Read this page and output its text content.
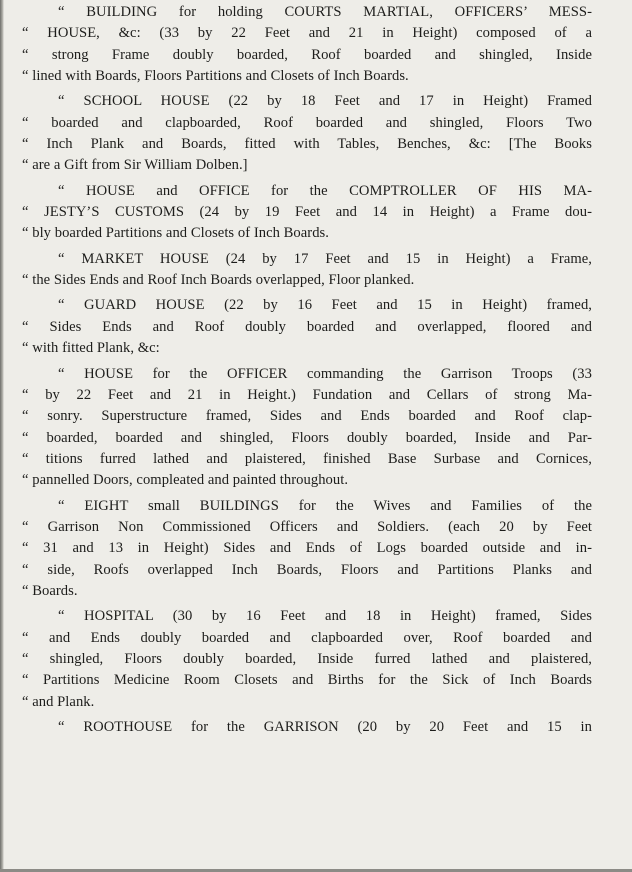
“ BUILDING for holding COURTS MARTIAL, OFFICERS’ MESS-
“ HOUSE, &c: (33 by 22 Feet and 21 in Height) composed of a
“ strong Frame doubly boarded, Roof boarded and shingled, Inside
“ lined with Boards, Floors Partitions and Closets of Inch Boards.
“ SCHOOL HOUSE (22 by 18 Feet and 17 in Height) Framed
“ boarded and clapboarded, Roof boarded and shingled, Floors Two
“ Inch Plank and Boards, fitted with Tables, Benches, &c: [The Books
“ are a Gift from Sir William Dolben.]
“ HOUSE and OFFICE for the COMPTROLLER OF HIS MA-
“ JESTY’S CUSTOMS (24 by 19 Feet and 14 in Height) a Frame dou-
“ bly boarded Partitions and Closets of Inch Boards.
“ MARKET HOUSE (24 by 17 Feet and 15 in Height) a Frame,
“ the Sides Ends and Roof Inch Boards overlapped, Floor planked.
“ GUARD HOUSE (22 by 16 Feet and 15 in Height) framed,
“ Sides Ends and Roof doubly boarded and overlapped, floored and
“ with fitted Plank, &c:
“ HOUSE for the OFFICER commanding the Garrison Troops (33
“ by 22 Feet and 21 in Height.) Fundation and Cellars of strong Ma-
“ sonry. Superstructure framed, Sides and Ends boarded and Roof clap-
“ boarded, boarded and shingled, Floors doubly boarded, Inside and Par-
“ titions furred lathed and plaistered, finished Base Surbase and Cornices,
“ pannelled Doors, compleated and painted throughout.
“ EIGHT small BUILDINGS for the Wives and Families of the
“ Garrison Non Commissioned Officers and Soldiers. (each 20 by Feet
“ 31 and 13 in Height) Sides and Ends of Logs boarded outside and in-
“ side, Roofs overlapped Inch Boards, Floors and Partitions Planks and
“ Boards.
“ HOSPITAL (30 by 16 Feet and 18 in Height) framed, Sides
“ and Ends doubly boarded and clapboarded over, Roof boarded and
“ shingled, Floors doubly boarded, Inside furred lathed and plaistered,
“ Partitions Medicine Room Closets and Births for the Sick of Inch Boards
“ and Plank.
“ ROOTHOUSE for the GARRISON (20 by 20 Feet and 15 in
